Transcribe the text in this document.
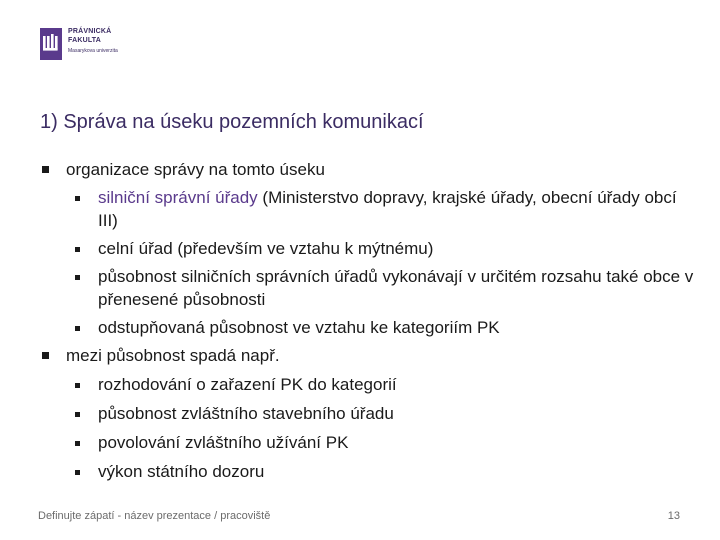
PRÁVNICKÁ
FAKULTA
Masarykova univerzita
1) Správa na úseku pozemních komunikací
organizace správy na tomto úseku
silniční správní úřady (Ministerstvo dopravy, krajské úřady, obecní úřady obcí III)
celní úřad (především ve vztahu k mýtnému)
působnost silničních správních úřadů vykonávají v určitém rozsahu také obce v přenesené působnosti
odstupňovaná působnost ve vztahu ke kategoriím PK
mezi působnost spadá např.
rozhodování o zařazení PK do kategorií
působnost zvláštního stavebního úřadu
povolování zvláštního užívání PK
výkon státního dozoru
Definujte zápatí - název prezentace / pracoviště	13
